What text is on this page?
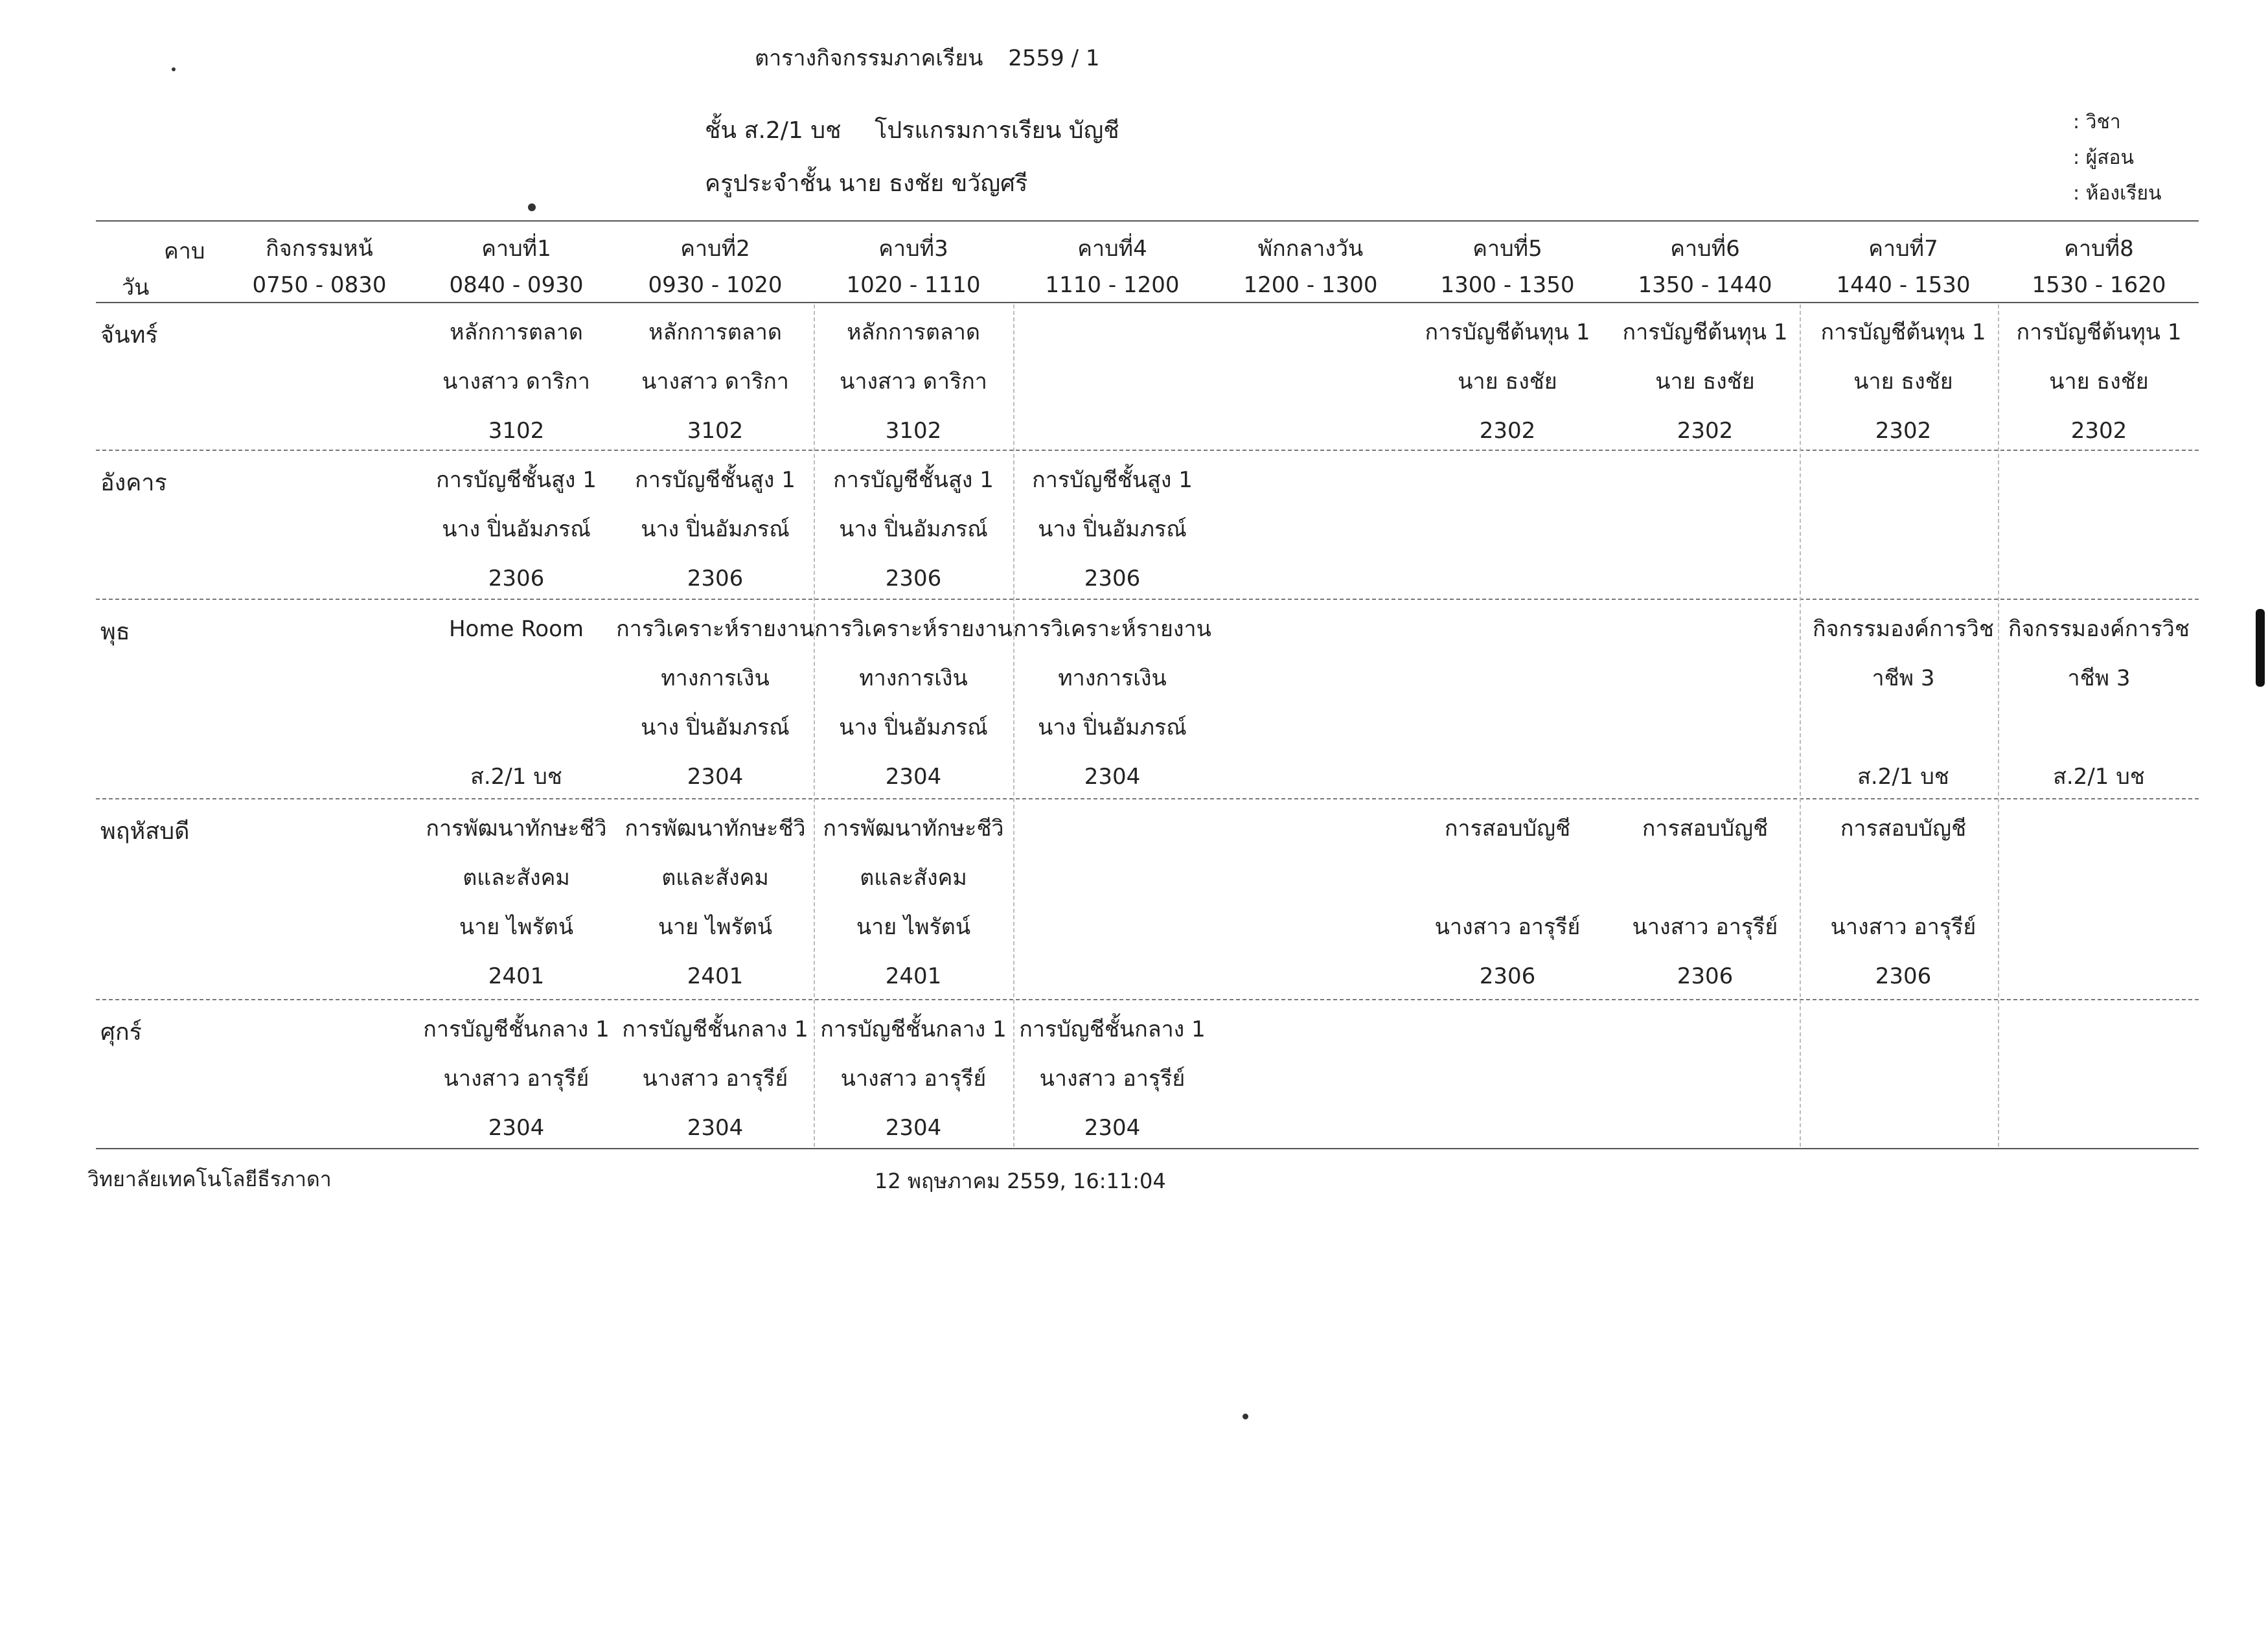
ตารางกิจกรรมภาคเรียน 2559 / 1
ชั้น ส.2/1 บช โปรแกรมการเรียน บัญชี
ครูประจำชั้น นาย ธงชัย ขวัญศรี
: วิชา
: ผู้สอน
: ห้องเรียน
คาบ
วัน
กิจกรรมหน้
0750 - 0830
คาบที่1
0840 - 0930
คาบที่2
0930 - 1020
คาบที่3
1020 - 1110
คาบที่4
1110 - 1200
พักกลางวัน
1200 - 1300
คาบที่5
1300 - 1350
คาบที่6
1350 - 1440
คาบที่7
1440 - 1530
คาบที่8
1530 - 1620
จันทร์
อังคาร
พุธ
พฤหัสบดี
ศุกร์
หลักการตลาด
นางสาว ดาริกา
3102
หลักการตลาด
นางสาว ดาริกา
3102
หลักการตลาด
นางสาว ดาริกา
3102
การบัญชีต้นทุน 1
นาย ธงชัย
2302
การบัญชีต้นทุน 1
นาย ธงชัย
2302
การบัญชีต้นทุน 1
นาย ธงชัย
2302
การบัญชีต้นทุน 1
นาย ธงชัย
2302
การบัญชีชั้นสูง 1
นาง ปิ่นอัมภรณ์
2306
การบัญชีชั้นสูง 1
นาง ปิ่นอัมภรณ์
2306
การบัญชีชั้นสูง 1
นาง ปิ่นอัมภรณ์
2306
การบัญชีชั้นสูง 1
นาง ปิ่นอัมภรณ์
2306
Home Room
ส.2/1 บช
การวิเคราะห์รายงาน
ทางการเงิน
นาง ปิ่นอัมภรณ์
2304
การวิเคราะห์รายงาน
ทางการเงิน
นาง ปิ่นอัมภรณ์
2304
การวิเคราะห์รายงาน
ทางการเงิน
นาง ปิ่นอัมภรณ์
2304
กิจกรรมองค์การวิช
าชีพ 3
ส.2/1 บช
กิจกรรมองค์การวิช
าชีพ 3
ส.2/1 บช
การพัฒนาทักษะชีวิ
ตและสังคม
นาย ไพรัตน์
2401
การพัฒนาทักษะชีวิ
ตและสังคม
นาย ไพรัตน์
2401
การพัฒนาทักษะชีวิ
ตและสังคม
นาย ไพรัตน์
2401
การสอบบัญชี
นางสาว อารุรีย์
2306
การสอบบัญชี
นางสาว อารุรีย์
2306
การสอบบัญชี
นางสาว อารุรีย์
2306
การบัญชีชั้นกลาง 1
นางสาว อารุรีย์
2304
การบัญชีชั้นกลาง 1
นางสาว อารุรีย์
2304
การบัญชีชั้นกลาง 1
นางสาว อารุรีย์
2304
การบัญชีชั้นกลาง 1
นางสาว อารุรีย์
2304
วิทยาลัยเทคโนโลยีธีรภาดา	12 พฤษภาคม 2559, 16:11:04
